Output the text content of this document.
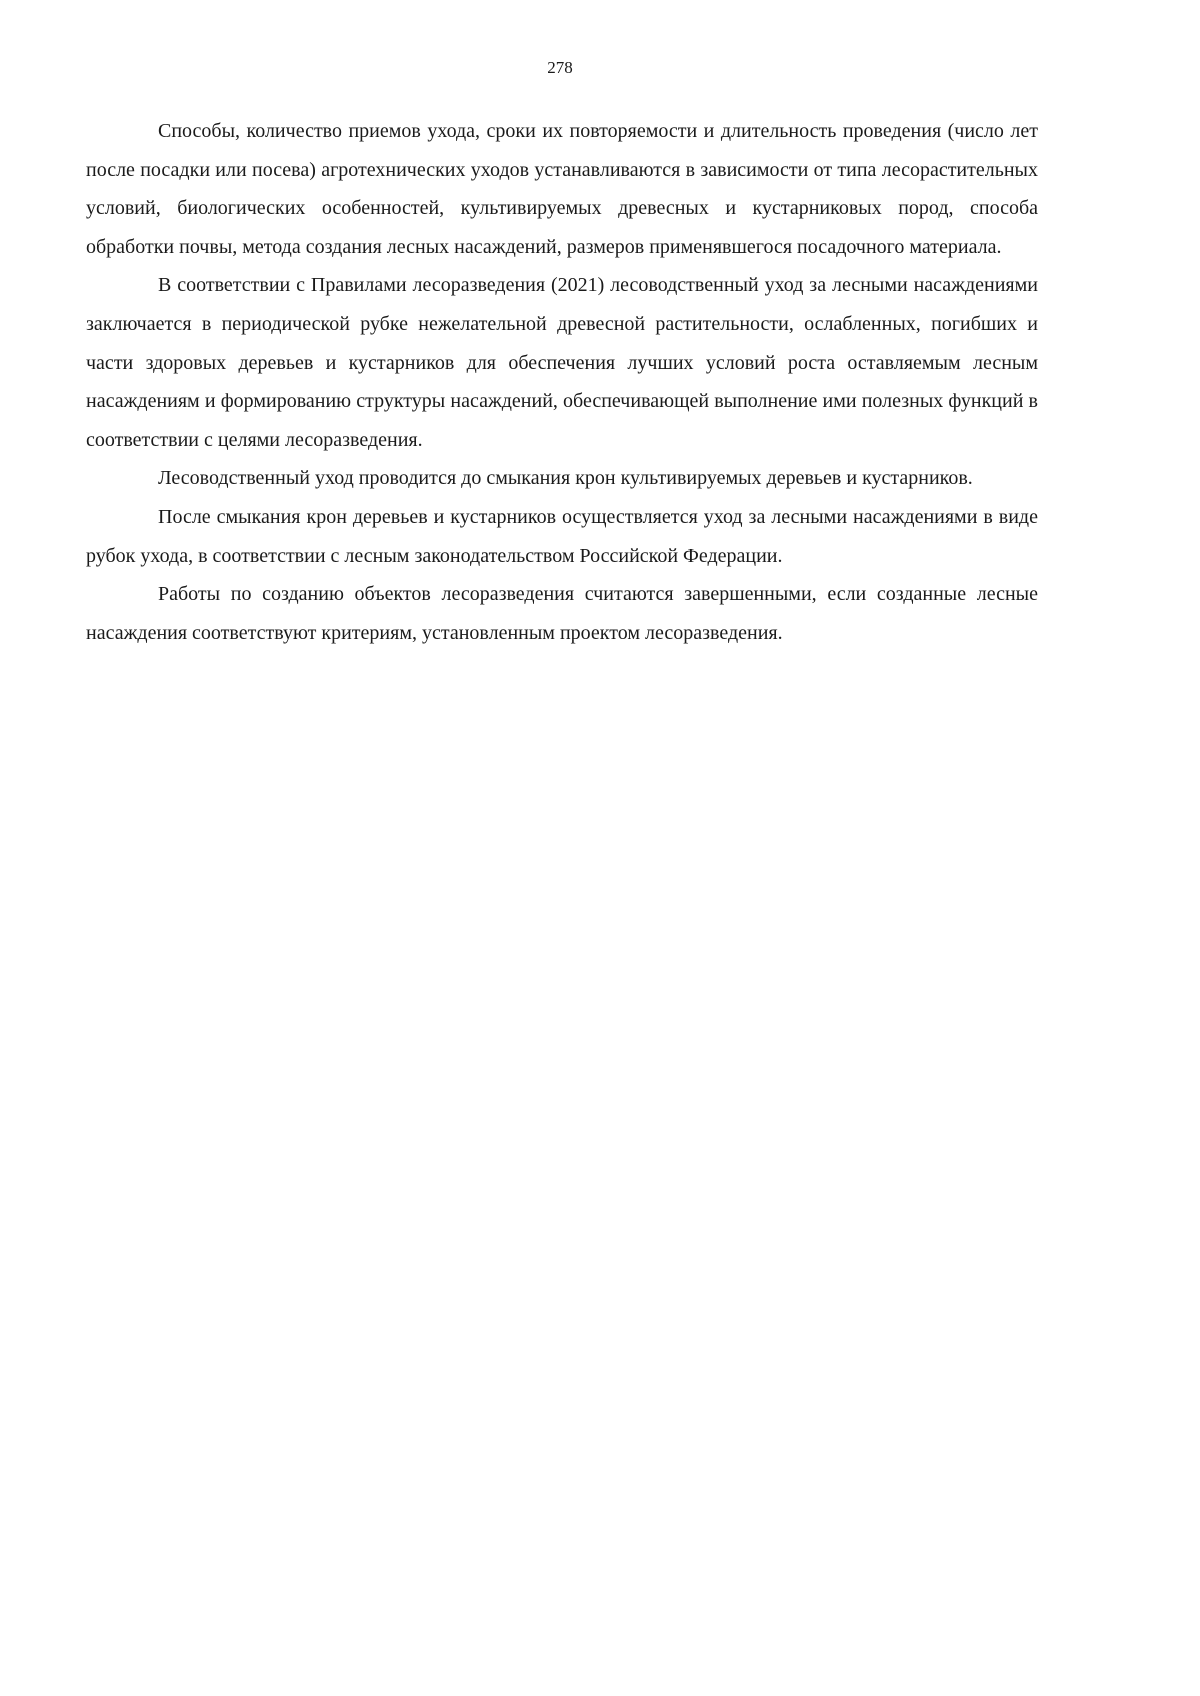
278

Способы, количество приемов ухода, сроки их повторяемости и длительность проведения (число лет после посадки или посева) агротехнических уходов устанавливаются в зависимости от типа лесорастительных условий, биологических особенностей, культивируемых древесных и кустарниковых пород, способа обработки почвы, метода создания лесных насаждений, размеров применявшегося посадочного материала.

В соответствии с Правилами лесоразведения (2021) лесоводственный уход за лесными насаждениями заключается в периодической рубке нежелательной древесной растительности, ослабленных, погибших и части здоровых деревьев и кустарников для обеспечения лучших условий роста оставляемым лесным насаждениям и формированию структуры насаждений, обеспечивающей выполнение ими полезных функций в соответствии с целями лесоразведения.

Лесоводственный уход проводится до смыкания крон культивируемых деревьев и кустарников.

После смыкания крон деревьев и кустарников осуществляется уход за лесными насаждениями в виде рубок ухода, в соответствии с лесным законодательством Российской Федерации.

Работы по созданию объектов лесоразведения считаются завершенными, если созданные лесные насаждения соответствуют критериям, установленным проектом лесоразведения.
